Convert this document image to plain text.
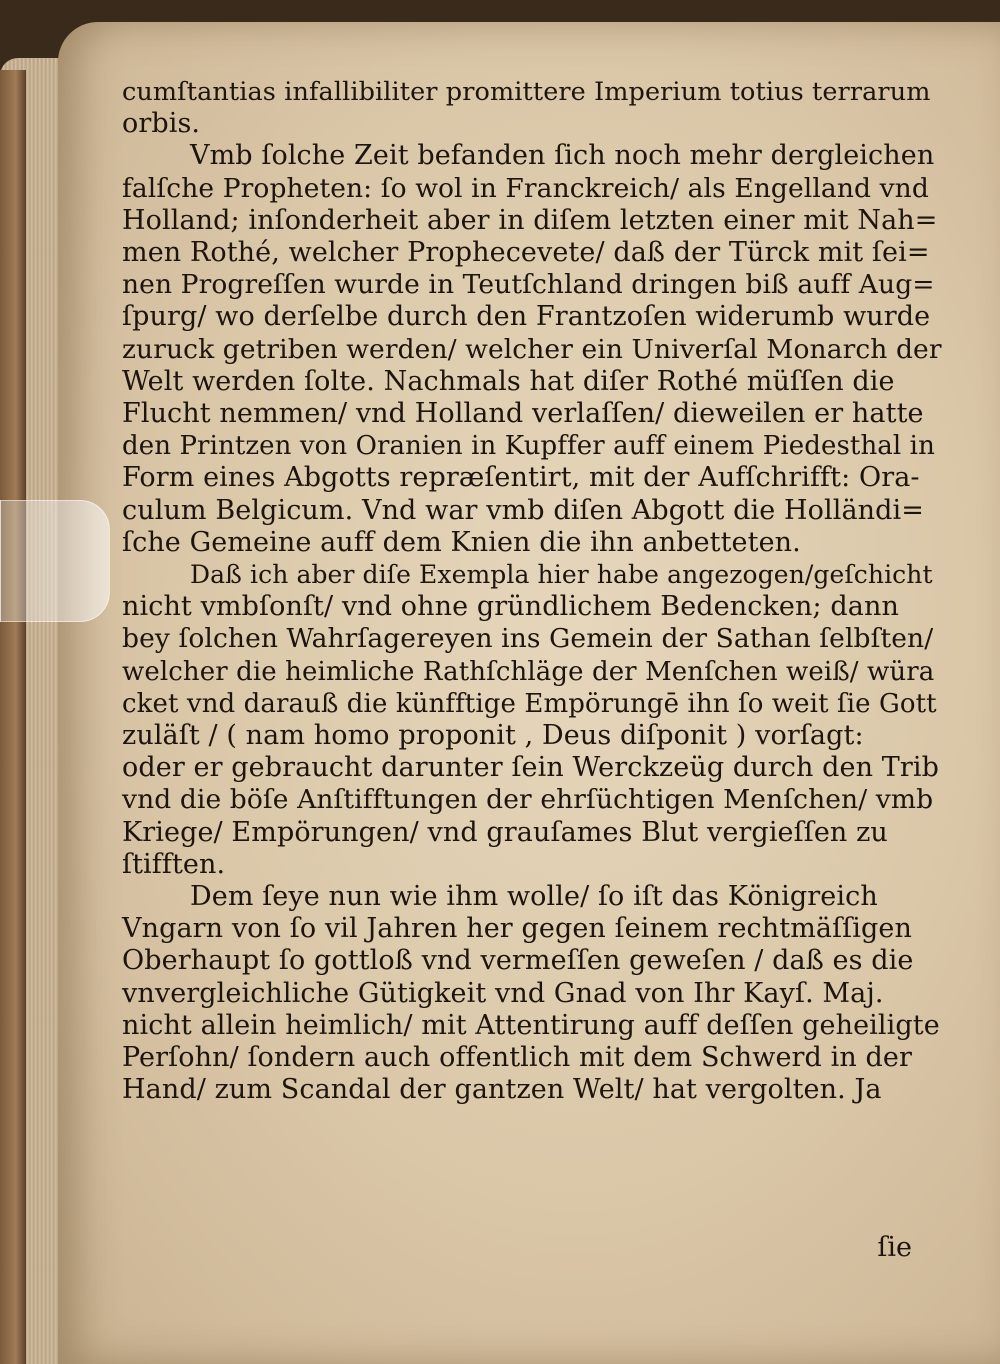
cumſtantias infallibiliter promittere Imperium totius terrarum
orbis.
Vmb ſolche Zeit befanden ſich noch mehr dergleichen
falſche Propheten: ſo wol in Franckreich/ als Engelland vnd
Holland; inſonderheit aber in diſem letzten einer mit Nah=
men Rothé, welcher Prophecevete/ daß der Türck mit ſei=
nen Progreſſen wurde in Teutſchland dringen biß auff Aug=
ſpurg/ wo derſelbe durch den Frantzoſen widerumb wurde
zuruck getriben werden/ welcher ein Univerſal Monarch der
Welt werden ſolte. Nachmals hat diſer Rothé müſſen die
Flucht nemmen/ vnd Holland verlaſſen/ dieweilen er hatte
den Printzen von Oranien in Kupffer auff einem Piedesthal in
Form eines Abgotts repræſentirt, mit der Aufſchrifft: Ora-
culum Belgicum. Vnd war vmb diſen Abgott die Holländi=
ſche Gemeine auff dem Knien die ihn anbetteten.
Daß ich aber diſe Exempla hier habe angezogen/geſchicht
nicht vmbſonſt/ vnd ohne gründlichem Bedencken; dann
bey ſolchen Wahrſagereyen ins Gemein der Sathan ſelbſten/
welcher die heimliche Rathſchläge der Menſchen weiß/ würa
cket vnd darauß die künfftige Empörungē ihn ſo weit ſie Gott
zuläſt / ( nam homo proponit , Deus diſponit ) vorſagt:
oder er gebraucht darunter ſein Werckzeüg durch den Trib
vnd die böſe Anſtifftungen der ehrſüchtigen Menſchen/ vmb
Kriege/ Empörungen/ vnd grauſames Blut vergieſſen zu
ſtifften.
Dem ſeye nun wie ihm wolle/ ſo iſt das Königreich
Vngarn von ſo vil Jahren her gegen ſeinem rechtmäſſigen
Oberhaupt ſo gottloß vnd vermeſſen geweſen / daß es die
vnvergleichliche Gütigkeit vnd Gnad von Ihr Kayſ. Maj.
nicht allein heimlich/ mit Attentirung auff deſſen geheiligte
Perſohn/ ſondern auch offentlich mit dem Schwerd in der
Hand/ zum Scandal der gantzen Welt/ hat vergolten. Ja
ſie
